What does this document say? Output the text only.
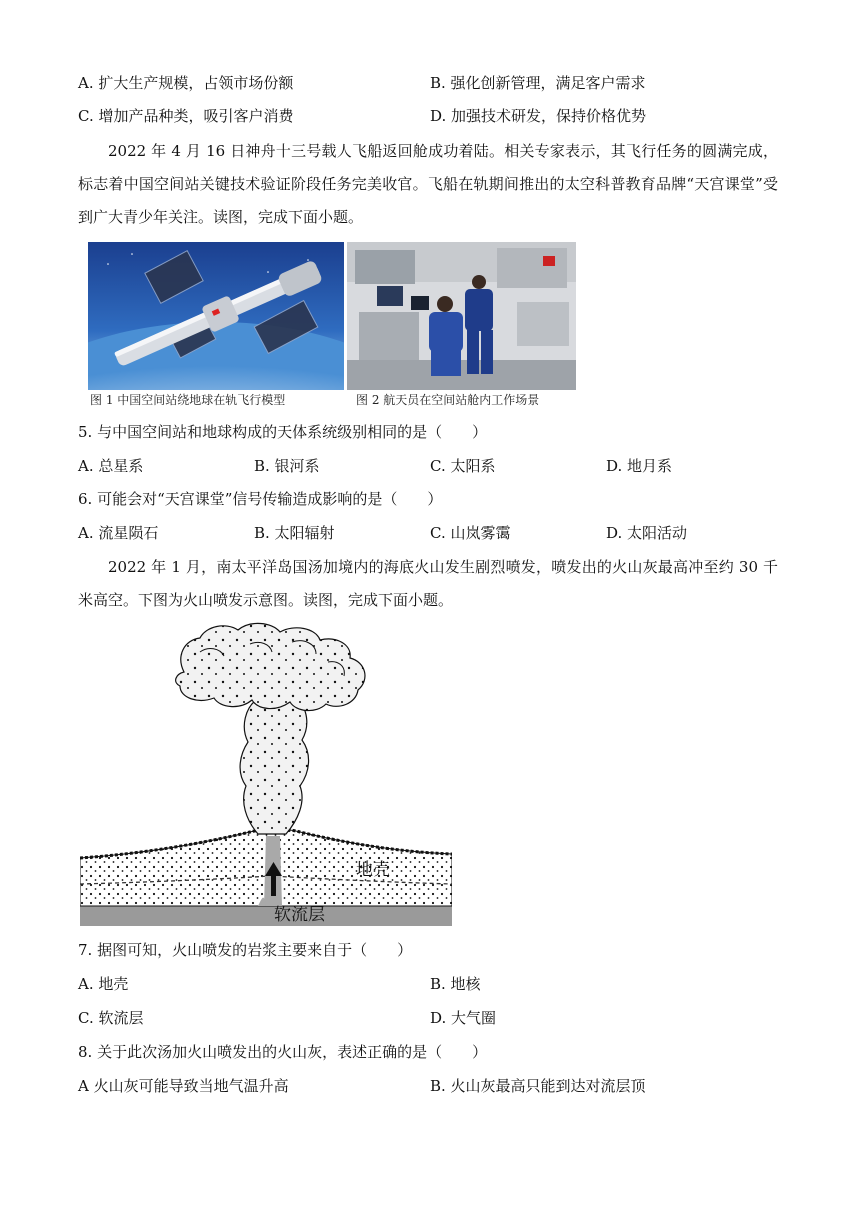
A. 扩大生产规模，占领市场份额	B. 强化创新管理，满足客户需求
C. 增加产品种类，吸引客户消费	D. 加强技术研发，保持价格优势
2022 年 4 月 16 日神舟十三号载人飞船返回舱成功着陆。相关专家表示，其飞行任务的圆满完成，标志着中国空间站关键技术验证阶段任务完美收官。飞船在轨期间推出的太空科普教育品牌“天宫课堂”受到广大青少年关注。读图，完成下面小题。
图 1 中国空间站绕地球在轨飞行模型	图 2 航天员在空间站舱内工作场景
5. 与中国空间站和地球构成的天体系统级别相同的是（　　）
A. 总星系	B. 银河系	C. 太阳系	D. 地月系
6. 可能会对“天宫课堂”信号传输造成影响的是（　　）
A. 流星陨石	B. 太阳辐射	C. 山岚雾霭	D. 太阳活动
2022 年 1 月，南太平洋岛国汤加境内的海底火山发生剧烈喷发，喷发出的火山灰最高冲至约 30 千米高空。下图为火山喷发示意图。读图，完成下面小题。
地壳
软流层
7. 据图可知，火山喷发的岩浆主要来自于（　　）
A. 地壳	B. 地核
C. 软流层	D. 大气圈
8. 关于此次汤加火山喷发出的火山灰，表述正确的是（　　）
A 火山灰可能导致当地气温升高	B. 火山灰最高只能到达对流层顶
